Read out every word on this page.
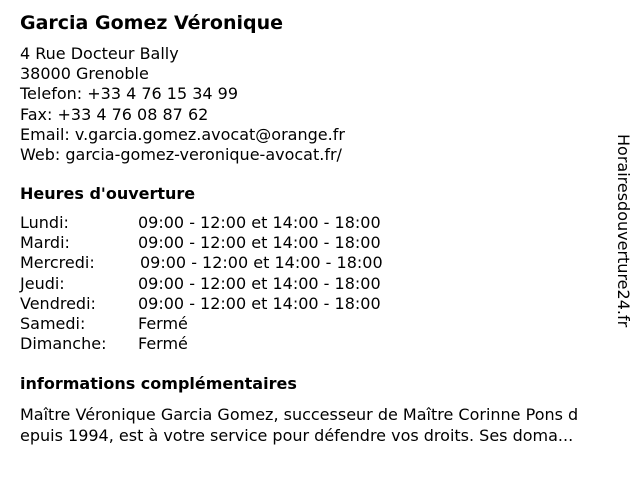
Garcia Gomez Véronique
4 Rue Docteur Bally
38000 Grenoble
Telefon: +33 4 76 15 34 99
Fax: +33 4 76 08 87 62
Email: v.garcia.gomez.avocat@orange.fr
Web: garcia-gomez-veronique-avocat.fr/
Heures d'ouverture
Lundi:	09:00 - 12:00 et 14:00 - 18:00
Mardi:	09:00 - 12:00 et 14:00 - 18:00
Mercredi:	09:00 - 12:00 et 14:00 - 18:00
Jeudi:	09:00 - 12:00 et 14:00 - 18:00
Vendredi:	09:00 - 12:00 et 14:00 - 18:00
Samedi:	Fermé
Dimanche: Fermé
informations complémentaires
Maître Véronique Garcia Gomez, successeur de Maître Corinne Pons d
epuis 1994, est à votre service pour défendre vos droits. Ses doma...
Horairesdouverture24.fr
